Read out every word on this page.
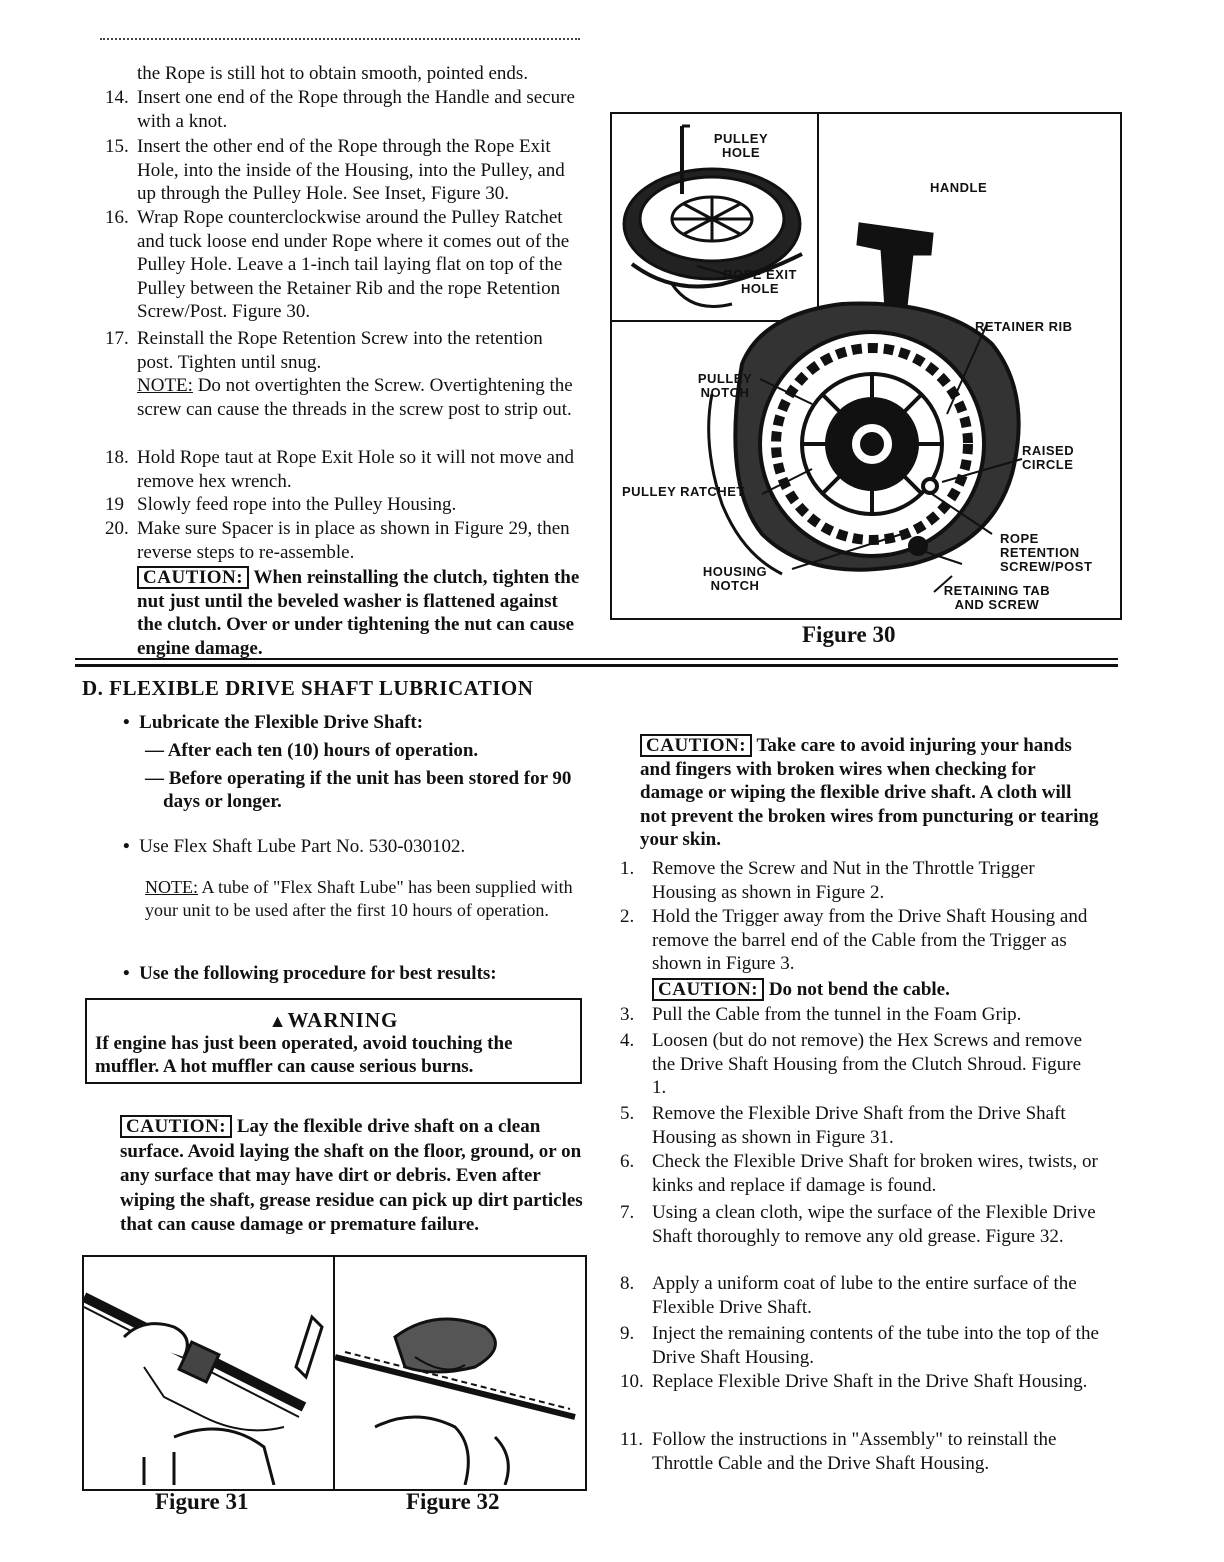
the Rope is still hot to obtain smooth, pointed ends.
14. Insert one end of the Rope through the Handle and secure with a knot.
15. Insert the other end of the Rope through the Rope Exit Hole, into the inside of the Housing, into the Pulley, and up through the Pulley Hole. See Inset, Figure 30.
16. Wrap Rope counterclockwise around the Pulley Ratchet and tuck loose end under Rope where it comes out of the Pulley Hole. Leave a 1-inch tail laying flat on top of the Pulley between the Retainer Rib and the rope Retention Screw/Post. Figure 30.
17. Reinstall the Rope Retention Screw into the retention post. Tighten until snug.
NOTE: Do not overtighten the Screw. Overtightening the screw can cause the threads in the screw post to strip out.
18. Hold Rope taut at Rope Exit Hole so it will not move and remove hex wrench.
19 Slowly feed rope into the Pulley Housing.
20. Make sure Spacer is in place as shown in Figure 29, then reverse steps to re-assemble.
CAUTION: When reinstalling the clutch, tighten the nut just until the beveled washer is flattened against the clutch. Over or under tightening the nut can cause engine damage.
PULLEY HOLE
ROPE EXIT HOLE
HANDLE
RETAINER RIB
PULLEY NOTCH
RAISED CIRCLE
PULLEY RATCHET
ROPE RETENTION SCREW/POST
HOUSING NOTCH	RETAINING TAB AND SCREW
Figure 30
D. FLEXIBLE DRIVE SHAFT LUBRICATION
•  Lubricate the Flexible Drive Shaft:
— After each ten (10) hours of operation.
— Before operating if the unit has been stored for 90 days or longer.
•  Use Flex Shaft Lube Part No. 530-030102.
NOTE: A tube of "Flex Shaft Lube" has been supplied with your unit to be used after the first 10 hours of operation.
•  Use the following procedure for best results:
▲WARNING
If engine has just been operated, avoid touching the muffler. A hot muffler can cause serious burns.
CAUTION: Lay the flexible drive shaft on a clean surface. Avoid laying the shaft on the floor, ground, or on any surface that may have dirt or debris. Even after wiping the shaft, grease residue can pick up dirt particles that can cause damage or premature failure.
Figure 31	Figure 32
CAUTION: Take care to avoid injuring your hands and fingers with broken wires when checking for damage or wiping the flexible drive shaft. A cloth will not prevent the broken wires from puncturing or tearing your skin.
1. Remove the Screw and Nut in the Throttle Trigger Housing as shown in Figure 2.
2. Hold the Trigger away from the Drive Shaft Housing and remove the barrel end of the Cable from the Trigger as shown in Figure 3.
CAUTION: Do not bend the cable.
3. Pull the Cable from the tunnel in the Foam Grip.
4. Loosen (but do not remove) the Hex Screws and remove the Drive Shaft Housing from the Clutch Shroud. Figure 1.
5. Remove the Flexible Drive Shaft from the Drive Shaft Housing as shown in Figure 31.
6. Check the Flexible Drive Shaft for broken wires, twists, or kinks and replace if damage is found.
7. Using a clean cloth, wipe the surface of the Flexible Drive Shaft thoroughly to remove any old grease. Figure 32.
8. Apply a uniform coat of lube to the entire surface of the Flexible Drive Shaft.
9. Inject the remaining contents of the tube into the top of the Drive Shaft Housing.
10. Replace Flexible Drive Shaft in the Drive Shaft Housing.
11. Follow the instructions in "Assembly" to reinstall the Throttle Cable and the Drive Shaft Housing.
